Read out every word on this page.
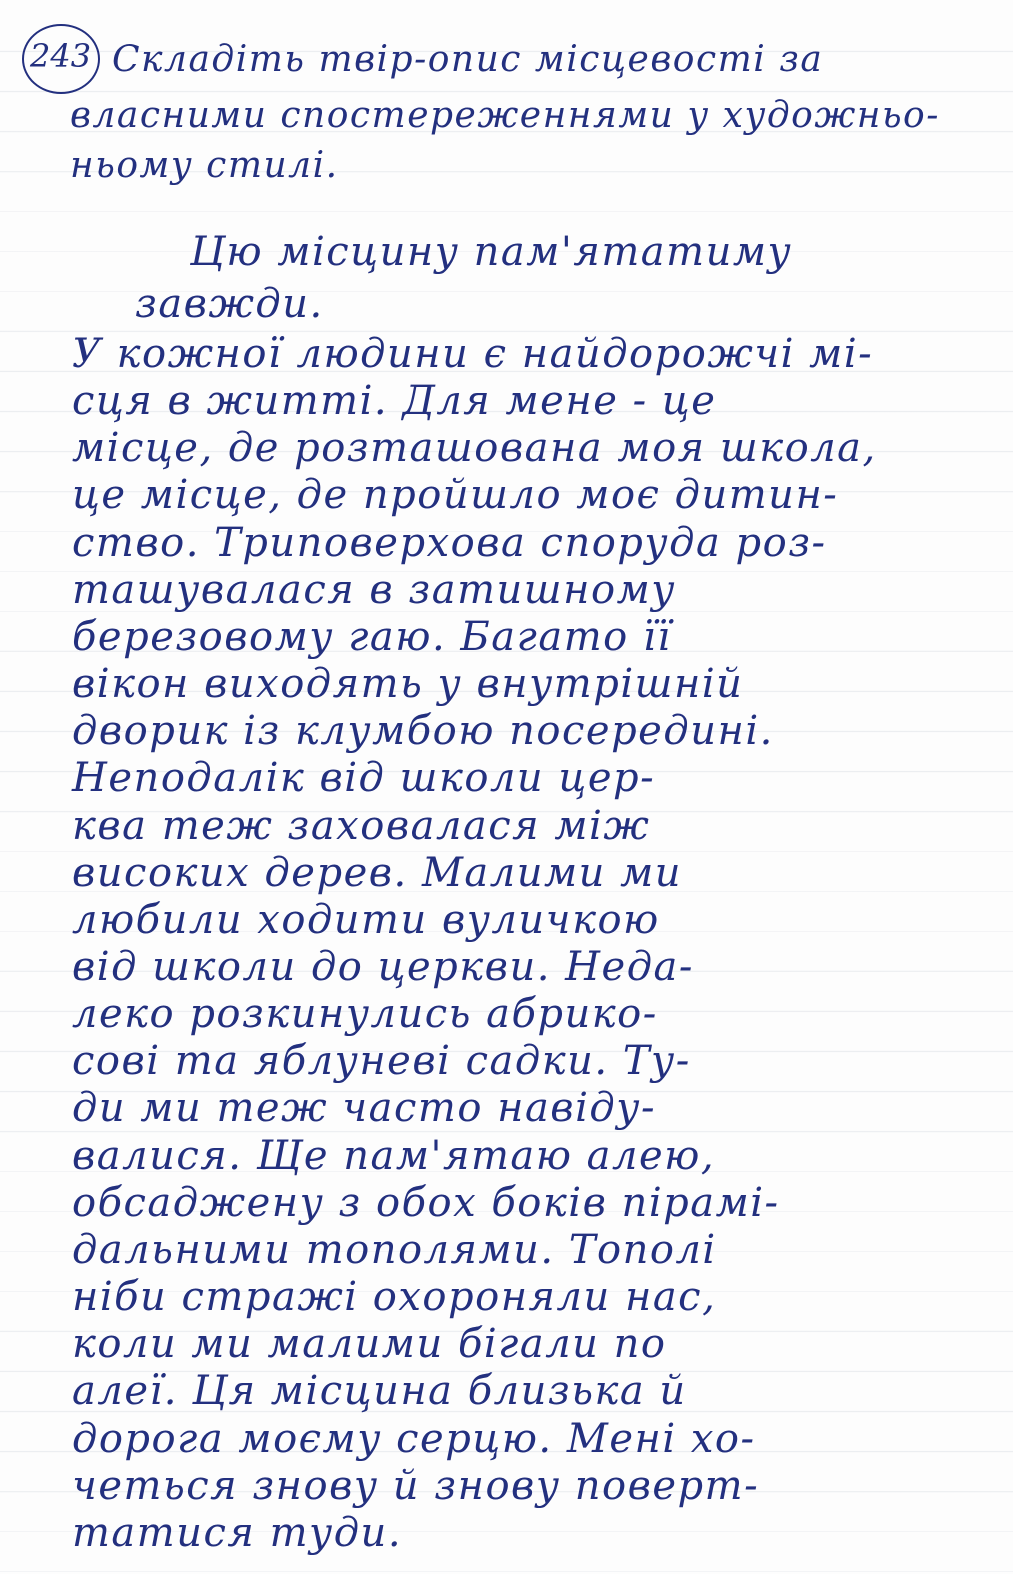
243 Складіть твір-опис місцевості за
власними спостереженнями у художньо-
ньому стилі.
Цю місцину пам'ятатиму
завжди.
У кожної людини є найдорожчі мі-
сця в житті. Для мене - це
місце, де розташована моя школа,
це місце, де пройшло моє дитин-
ство. Триповерхова споруда роз-
ташувалася в затишному
березовому гаю. Багато її
вікон виходять у внутрішній
дворик із клумбою посередині.
Неподалік від школи цер-
ква теж заховалася між
високих дерев. Малими ми
любили ходити вуличкою
від школи до церкви. Неда-
леко розкинулись абрико-
сові та яблуневі садки. Ту-
ди ми теж часто навіду-
валися. Ще пам'ятаю алею,
обсаджену з обох боків пірамі-
дальними тополями. Тополі
ніби стражі охороняли нас,
коли ми малими бігали по
алеї. Ця місцина близька й
дорога моєму серцю. Мені хо-
четься знову й знову поверт-
татися туди.
